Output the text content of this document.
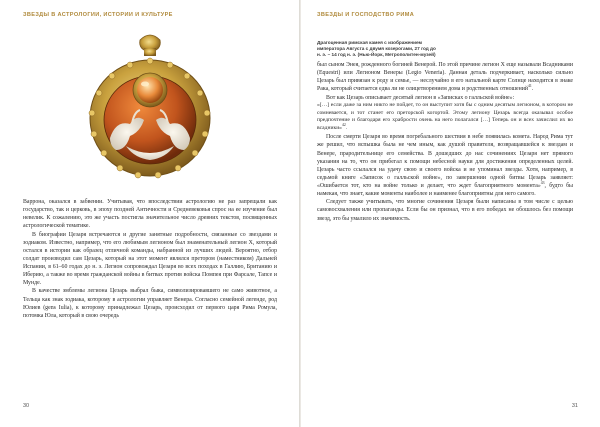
ЗВЕЗДЫ В АСТРОЛОГИИ, ИСТОРИИ И КУЛЬТУРЕ

Варрона, оказался в забвении. Учитывая, что впоследствии астрологию не раз запрещали как государство, так и церковь, в эпоху поздней Античности и Средневековья спрос на ее изучение был невелик. К сожалению, это же участь постигла значительное число древних текстов, посвященных астрологической тематике.

В биографии Цезаря встречаются и другие занятные подробности, связанные со звездами и зодиаком. Известно, например, что его любимым легионом был знаменательный легион X, который остался в истории как образец отличной команды, набранной из лучших людей. Вероятно, отбор солдат производил сам Цезарь, который на этот момент являлся претором (наместником) Дальней Испании, в 61–60 годах до н. э. Легион сопровождал Цезаря во всех походах в Галлию, Британию и Иберию, а также во время гражданской войны в битвах против войска Помпея при Фарсале, Тапсе и Мунде.

В качестве эмблемы легиона Цезарь выбрал быка, символизировавшего не само животное, а Тельца как знак зодиака, которому в астрологии управляет Венера. Согласно семейной легенде, род Юлиев (gens Iulia), к которому принадлежал Цезарь, происходил от первого царя Рима Ромула, потомка Юла, который в свою очередь

30
ЗВЕЗДЫ И ГОСПОДСТВО РИМА
Драгоценная римская камея с изображением императора Августа с двумя козерогами, 27 год до н. э. – 14 год н. э. (Нью-Йорк, Метрополитен-музей)

был сыном Энея, рожденного богиней Венерой. По этой причине легион X еще называли Всадниками (Equestri) или Легионом Венеры (Legio Veneria). Данная деталь подчеркивает, насколько сильно Цезарь был привязан к роду и семье, — неслучайно в его натальной карте Солнце находится в знаке Рака, который считается едва ли не олицетворением дома и родственных отношений$^{41}$.

Вот как Цезарь описывает десятый легион в «Записках о галльской войне»:

«[…] если даже за ним никто не пойдет, то он выступит хотя бы с одним десятым легионом, в котором не сомневается, и тот станет его преторской когортой. Этому легиону Цезарь всегда оказывал особое предпочтение и благодаря его храбрости очень на него полагался […] Теперь он и всех зачислил их во всадники»$^{42}$.

После смерти Цезаря во время погребального шествия в небе появилась комета. Народ Рима тут же решил, что вспышка была не чем иным, как душой правителя, возвращавшейся к звездам и Венере, прародительнице его семейства. В дошедших до нас сочинениях Цезаря нет прямого указания на то, что он прибегал к помощи небесной науки для достижения определенных целей. Цезарь часто ссылался на удачу свою и своего войска и не упоминал звезды. Хотя, например, в седьмой книге «Записок о галльской войне», по завершении одной битвы Цезарь заявляет: «Ошибается тот, кто на войне только и делает, что ждет благоприятного момента»$^{43}$, будто бы намекая, что знает, какие моменты наиболее и наименее благоприятны для него самого.

Следует также учитывать, что многие сочинения Цезаря были написаны в том числе с целью самовосхваления или пропаганды. Если бы он признал, что в его победах не обошлось без помощи звезд, это бы умалило их значимость.

31
